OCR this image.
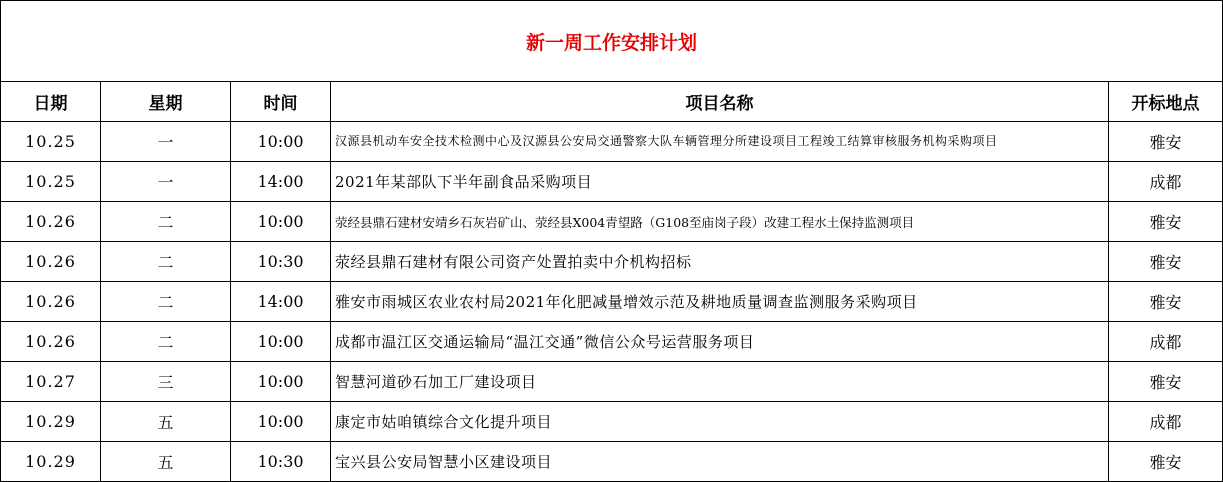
新一周工作安排计划				
日期	星期	时间	项目名称	开标地点
10.25	一	10:00	汉源县机动车安全技术检测中心及汉源县公安局交通警察大队车辆管理分所建设项目工程竣工结算审核服务机构采购项目	雅安
10.25	一	14:00	2021年某部队下半年副食品采购项目	成都
10.26	二	10:00	荥经县鼎石建材安靖乡石灰岩矿山、荥经县X004青望路（G108至庙岗子段）改建工程水土保持监测项目	雅安
10.26	二	10:30	荥经县鼎石建材有限公司资产处置拍卖中介机构招标	雅安
10.26	二	14:00	雅安市雨城区农业农村局2021年化肥减量增效示范及耕地质量调查监测服务采购项目	雅安
10.26	二	10:00	成都市温江区交通运输局“温江交通”微信公众号运营服务项目	成都
10.27	三	10:00	智慧河道砂石加工厂建设项目	雅安
10.29	五	10:00	康定市姑咱镇综合文化提升项目	成都
10.29	五	10:30	宝兴县公安局智慧小区建设项目	雅安
